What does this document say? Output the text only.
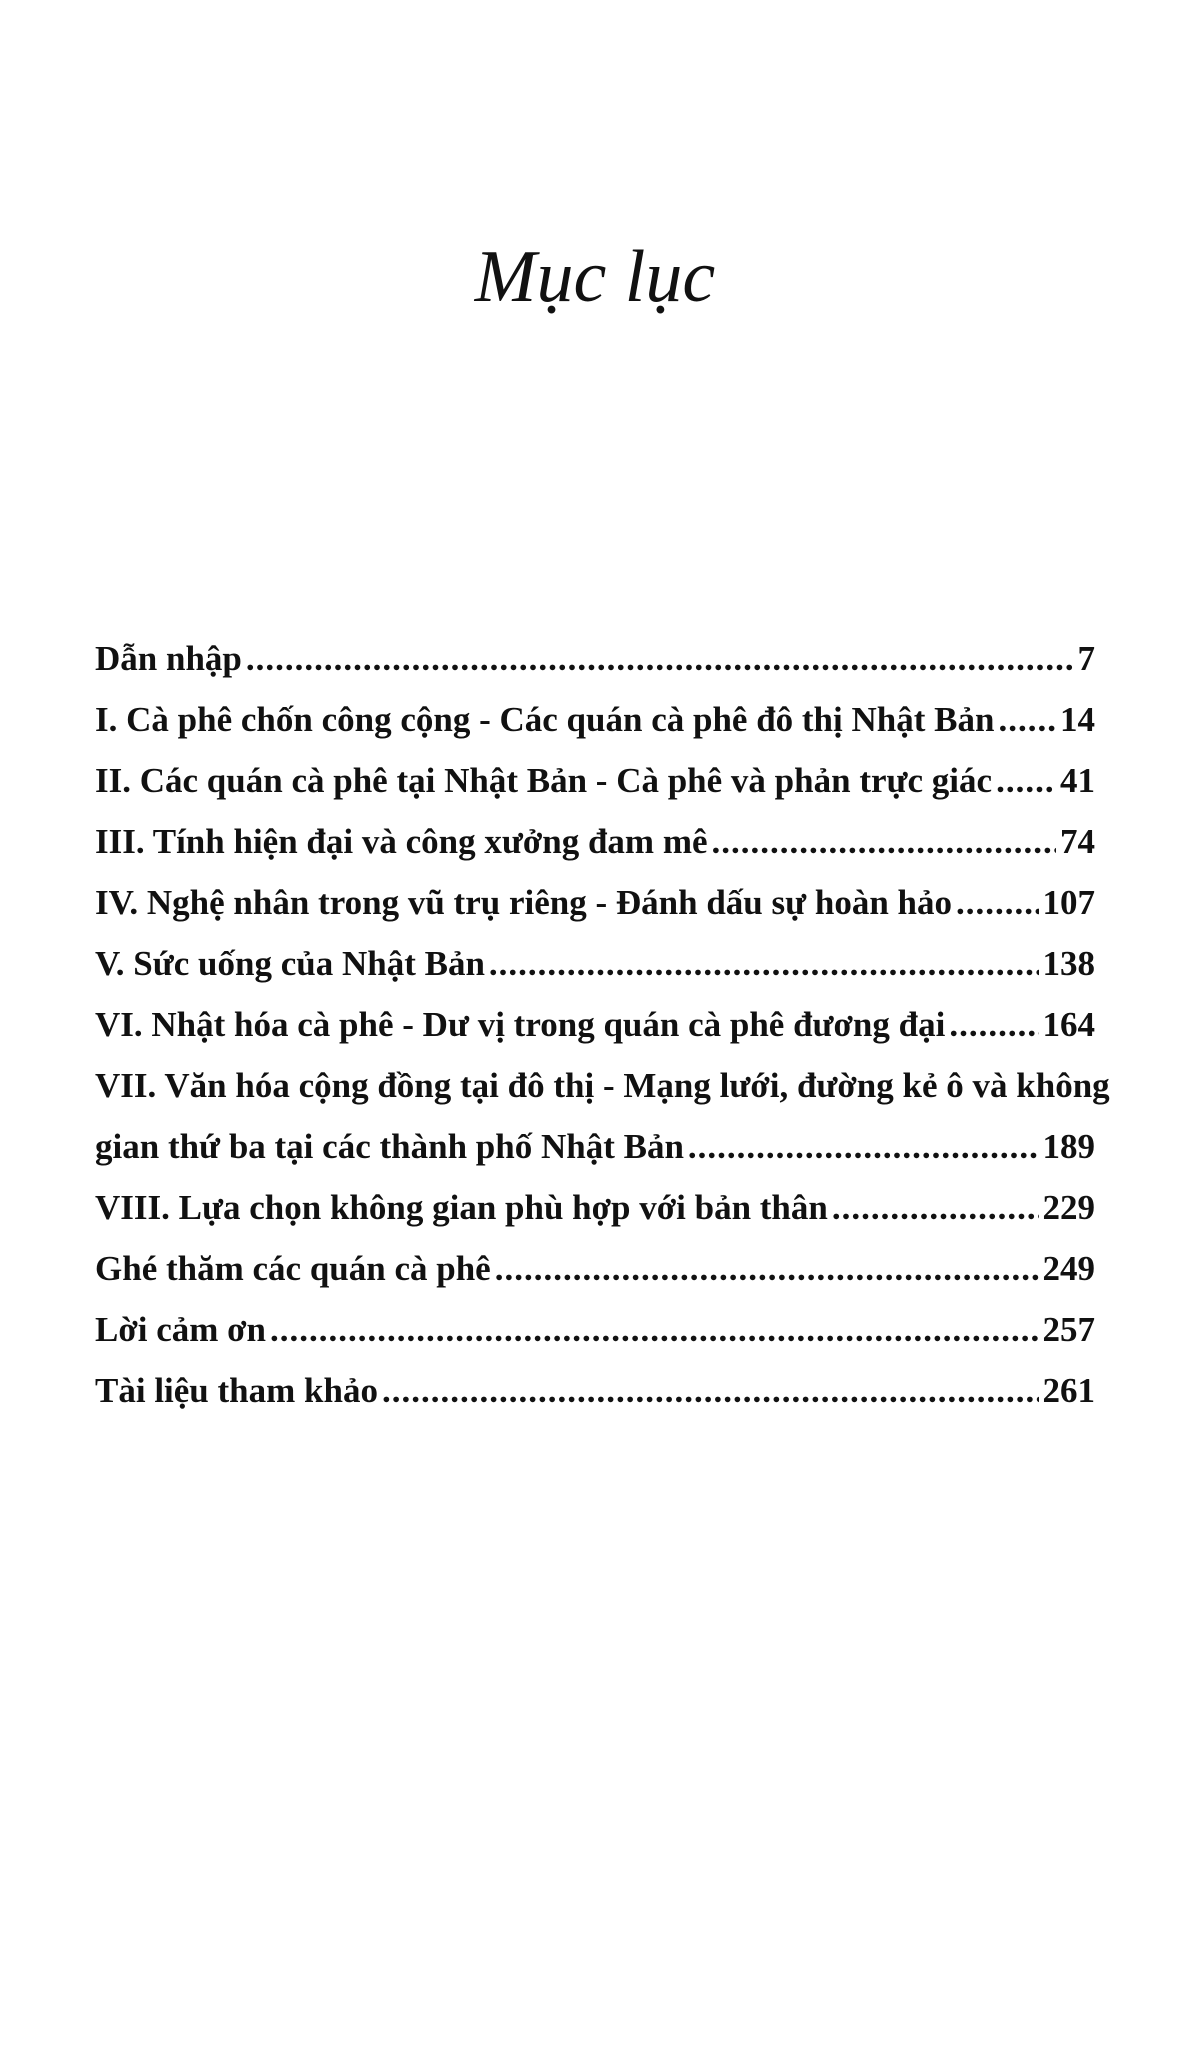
Mục lục
Dẫn nhập .....	7
I. Cà phê chốn công cộng - Các quán cà phê đô thị Nhật Bản ..... 14
II. Các quán cà phê tại Nhật Bản - Cà phê và phản trực giác ..... 41
III. Tính hiện đại và công xưởng đam mê .....	74
IV. Nghệ nhân trong vũ trụ riêng - Đánh dấu sự hoàn hảo .....	107
V. Sức uống của Nhật Bản .....	138
VI. Nhật hóa cà phê - Dư vị trong quán cà phê đương đại .....	164
VII. Văn hóa cộng đồng tại đô thị - Mạng lưới, đường kẻ ô và không
gian thứ ba tại các thành phố Nhật Bản .....	189
VIII. Lựa chọn không gian phù hợp với bản thân .....	229
Ghé thăm các quán cà phê .....	249
Lời cảm ơn .....	257
Tài liệu tham khảo .....	261
